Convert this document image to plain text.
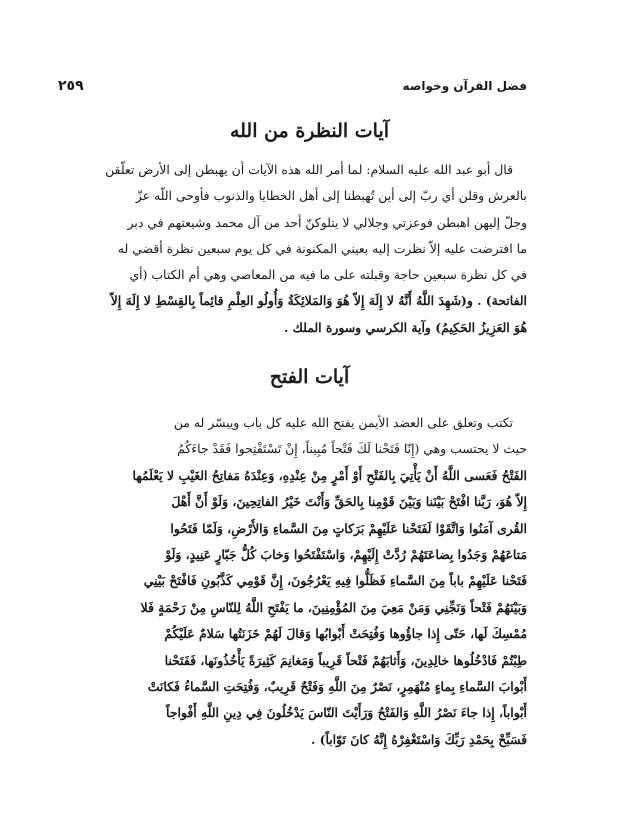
فضل القرآن وخواصه
٢٥٩
آيات النظرة من الله
قال أبو عبد الله عليه السلام: لما أمر الله هذه الآيات أن يهبطن إلى الأرض تعلّقن
بالعرش وقلن أي ربّ إلى أين تُهبطنا إلى أهل الخطايا والذنوب فأوحى اللّه عزّ
وجلّ إليهن اهبطن فوعزتي وجلالي لا يتلوكنّ أحد من آل محمد وشيعتهم في دبر
ما افترضت عليه إلاّ نظرت إليه بعيني المكنونة في كل يوم سبعين نظرة أقضي له
في كل نظرة سبعين حاجة وقبلته على ما فيه من المعاصي وهي أم الكتاب (أي
الفاتحة) . و(شَهِدَ اللَّهُ أَنَّهُ لا إِلَهَ إِلاّ هُوَ وَالمَلائِكَةُ وَأُولُو العِلْمِ قائِماً بِالقِسْطِ لا إِلَهَ إِلاّ
هُوَ العَزِيزُ الحَكِيمُ) وآية الكرسي وسورة الملك .
آيات الفتح
تكتب وتعلق على العضد الأيمن يفتح الله عليه كل باب وييسّر له من
حيث لا يحتسب وهي (إِنّا فَتَحْنا لَكَ فَتْحاً مُبِيناً، إِنْ تَسْتَفْتِحوا فَقَدْ جاءَكُمُ
الفَتْحُ فَعَسى اللَّهُ أَنْ يَأْتِيَ بِالفَتْحِ أَوْ أَمْرٍ مِنْ عِنْدِهِ، وَعِنْدَهُ مَفاتِحُ الغَيْبِ لا يَعْلَمُها
إِلاّ هُوَ، رَبَّنا افْتَحْ بَيْنَنا وَبَيْنَ قَوْمِنا بِالحَقِّ وَأَنْتَ خَيْرُ الفاتِحِينَ، وَلَوْ أَنَّ أَهْلَ
القُرى آمَنُوا وَاتَّقَوْا لَفَتَحْنا عَلَيْهِمْ بَرَكاتٍ مِنَ السَّماءِ وَالأَرْضِ، وَلَمّا فَتَحُوا
مَتاعَهُمْ وَجَدُوا بِضاعَتَهُمْ رُدَّتْ إِلَيْهِمْ، وَاسْتَفْتَحُوا وَخابَ كُلُّ جَبّارٍ عَنِيدٍ، وَلَوْ
فَتَحْنا عَلَيْهِمْ باباً مِنَ السَّماءِ فَظَلُّوا فِيهِ يَعْرُجُونَ، إِنَّ قَوْمِي كَذَّبُونِ فَافْتَحْ بَيْنِي
وَبَيْنَهُمْ فَتْحاً وَنَجِّنِي وَمَنْ مَعِيَ مِنَ المُؤْمِنِينَ، ما يَفْتَحِ اللَّهُ لِلنّاسِ مِنْ رَحْمَةٍ فَلا
مُمْسِكَ لَها، حَتّى إِذا جاؤُوها وَفُتِحَتْ أَبْوابُها وَقالَ لَهُمْ خَزَنَتُها سَلامٌ عَلَيْكُمْ
طِبْتُمْ فَادْخُلُوها خالِدِينَ، وَأَثابَهُمْ فَتْحاً قَرِيباً وَمَغانِمَ كَثِيرَةً يَأْخُذُونَها، فَفَتَحْنا
أَبْوابَ السَّماءِ بِماءٍ مُنْهَمِرٍ، نَصْرٌ مِنَ اللَّهِ وَفَتْحٌ قَرِيبٌ، وَفُتِحَتِ السَّماءُ فَكانَتْ
أَبْواباً، إِذا جاءَ نَصْرُ اللَّهِ وَالفَتْحُ وَرَأَيْتَ النّاسَ يَدْخُلُونَ فِي دِينِ اللَّهِ أَفْواجاً
فَسَبِّحْ بِحَمْدِ رَبِّكَ وَاسْتَغْفِرْهُ إِنَّهُ كانَ تَوّاباً) .
